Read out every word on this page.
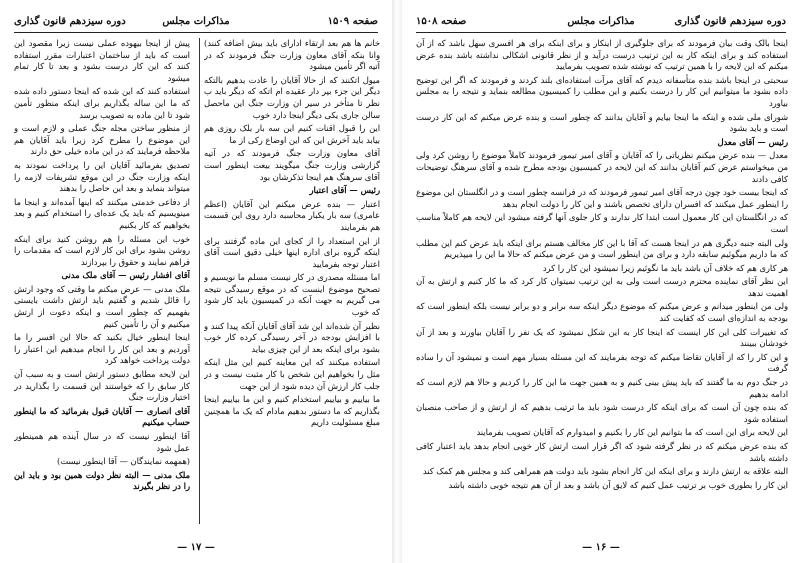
صفحه ۱۵۰۹
مذاکرات مجلس
دوره سیزدهم قانون گذاری

خانم ها هم بعد ارتقاء ادارای باید بیش اضافه کنند) وانا بنکه آقای معاون وزارت جنگ فرمودند که در آتیه اگر تأمین میشود

میول اتکنند که از حالا آقایان را عادت بدهیم بالتکه دیگر این جزء بپر دار عقیده ام اتکه که دیگر باید ب نظر تا متأخر در سیر ان وزارت جنگ این ماحصل سالن جاری یکی دیگر اینجا دارد خوب

این را قبول اقنات کنیم این سه بار بلک روزی هم بیابد باید آخرش این که این اوضاع رکی از ما

آقای معاون وزارت جنگ فرمودند که در آتیه گزارشی وزارت جنگ میگویند بیعت اینطور است آقای سرهنگ هم اینجا تذکرشان بود

رئیس — آقای اعتبار

اعتبار — بنده عرض میکنم این آقایان (اعظم عامری) سه بار یکبار محاسبه دارد روی این قسمت هم بفرمایند

از این استعداد را از کجای این ماده گرفتند برای اینکه گروه برای اداره اینها خیلی دقیق است آقای اعتبار توجه بفرمایید

اما مسئله مصدری در کار نیست مسلم ما نویسیم و تصحیح موضوع اینست که در موقع رسیدگی نتیجه می گیریم به جهت آنکه در کمیسیون باید کار شود که خوب

نظیر آن شده‌اند این شد آقای آقایان آنکه پیدا کنند و با افزایش بودجه در آخر رسیدگی کرده کار خوب بشود برای اینکه بعد از این چیزی بیاید

استفاده میکنند که این معاینه کنیم این مثل اینکه مثل را بخواهیم این شخص با کار مثبت نیست و در جلب کار ارزش آن دیده شود از این جهت

ما بیاییم و بیاییم استخدام کنیم و این ما بیاییم اینجا بگذاریم که ما دستور بدهیم مادام که یک ما همچنین مبلغ مسئولیت داریم

پیش از اینجا بیهوده عملی نیست زیرا مقصود این است که باید از ساختمان اعتبارات مقرر استفاده کنند که این کار درست بشود و بعد تا کار تمام میشود

استفاده کنند که این شده که اینجا دستور داده شده که ما این ساله بگذاریم برای اینکه منظور تأمین شود تا این ماده به تصویب برسد

از منظور ساختن مجله جنگ عملی و لازم است و این موضوع را مطرح کرد زیرا باید آقایان هم ملاحظه فرمایند که در این ماده خیلی حق دارند

تصدیق بفرمائید آقایان این را پرداخت نمودند به اینکه وزارت جنگ در این موقع تشریفات لازمه را میتواند بنماید و بعد این حاصل را بدهند

از دفاعی خدمتی میکنند که اینها آمده‌اند و اینجا ما مینویسیم که باید یک عده‌ای را استخدام کنیم و بعد بخواهیم که کار بکنیم

خوب این مسئله را هم روشن کنید برای اینکه روشن بشود برای این کار لازم است که مقدمات را فراهم نمایند و حقوق را بپردازند

آقای افشار رئیس — آقای ملک مدنی

ملک مدنی — عرض میکنم ما وقتی که وجود ارتش را قائل شدیم و گفتیم باید ارتش داشت بایستی بفهمیم که چطور است و اینکه دعوت از ارتش میکنیم و آن را تأمین کنیم

اینجا اینطور خیال بکنید که حالا این افسر را ما آوردیم و بعد این کار را انجام میدهیم این اعتبار را دولت پرداخت خواهد کرد

این لایحه مطابق دستور ارتش است و به سبب آن کار سابق را که خواستند این قسمت را بگذارید در اختیار وزارت جنگ

آقای انصاری — آقایان قبول بفرمائید که ما اینطور حساب میکنیم

آقا اینطور نیست که در سال آینده هم همینطور عمل شود

(همهمه نمایندگان — آقا اینطور نیست)

ملک مدنی — البته نظر دولت همین بود و باید این را در نظر بگیرند

— ۱۷ —
دوره سیزدهم قانون گذاری
مذاکرات مجلس
صفحه ۱۵۰۸

اینجا بالک وقت بیان فرمودند که برای جلوگیری از اینکار و برای اینکه برای هر افسری سهل باشد که از آن استفاده کند و برای اینکه کار به این ترتیب درست درآید و از نظر قانونی اشکالی نداشته باشد بنده عرض میکنم که این لایحه را با همین ترتیب که نوشته شده تصویب بفرمایید

سحبتی در اینجا باشد بنده متأسفانه دیدم که آقای مرآت استفاده‌ای بلند کردند و فرمودند که اگر این توضیح داده بشود ما میتوانیم این کار را درست بکنیم و این مطلب را کمیسیون مطالعه بنماید و نتیجه را به مجلس بیاورد

شورای ملی شده و اینکه ما اینجا بیایم و آقایان بدانند که چطور است و بنده عرض میکنم که این کار درست است و باید بشود

رئیس — آقای معدل

معدل — بنده عرض میکنم نظریاتی را که آقایان و آقای امیر تیمور فرمودند کاملاً موضوع را روشن کرد ولی من میخواستم عرض کنم آقایان بدانند که این لایحه در کمیسیون بودجه مطرح شده و آقای سرهنگ توضیحات کافی دادند

که اینجا بیست خود چون درجه آقای امیر تیمور فرمودند که در فرانسه چطور است و در انگلستان این موضوع را اینطور عمل میکنند که افسران دارای تخصص باشند و این کار را دولت انجام بدهد

که در انگلستان این کار معمول است ابتدا کار ندارند و کار جلوی آنها گرفته میشود این لایحه هم کاملاً مناسب است

ولی البته جنبه دیگری هم در اینجا هست که آقا با این کار مخالف هستم برای اینکه باید عرض کنم این مطلب که ما داریم میگوئیم سابقه دارد و برای من اینطور است و من عرض میکنم که حالا ما این را میپذیریم

هر کاری هم که خلاف آن باشد باید ما نگوئیم زیرا نمیشود این کار را کرد

این نظر آقای نماینده محترم درست است ولی به این ترتیب نمیتوان کار کرد که ما کار کنیم و ارتش به آن اهمیت ندهد

ولی من اینطور میدانم و عرض میکنم که موضوع دیگر اینکه سه برابر و دو برابر نیست بلکه اینطور است که بودجه به اندازه‌ای است که کفایت کند

که تغییرات کلی این کار اینست که اینجا کار به این شکل نمیشود که یک نفر را آقایان بیاورند و بعد از آن خودشان ببینند

و این کار را که از آقایان تقاضا میکنم که توجه بفرمایند که این مسئله بسیار مهم است و نمیشود آن را ساده گرفت

در جنگ دوم به ما گفتند که باید پیش بینی کنیم و به همین جهت ما این کار را کردیم و حالا هم لازم است که ادامه بدهیم

که بنده چون آن است که برای اینکه کار درست شود باید ما ترتیب بدهیم که از ارتش و از صاحب منصبان استفاده شود

این لایحه برای این است که ما بتوانیم این کار را بکنیم و امیدوارم که آقایان تصویب بفرمایند

که بنده عرض میکنم که در نظر گرفته شود که اگر قرار است ارتش کار خوبی انجام بدهد باید اعتبار کافی داشته باشد

البته علاقه به ارتش دارند و برای اینکه این کار انجام بشود باید دولت هم همراهی کند و مجلس هم کمک کند

این کار را بطوری خوب بر ترتیب عمل کنیم که لایق آن باشد و بعد از آن هم نتیجه خوبی داشته باشد

— ۱۶ —
